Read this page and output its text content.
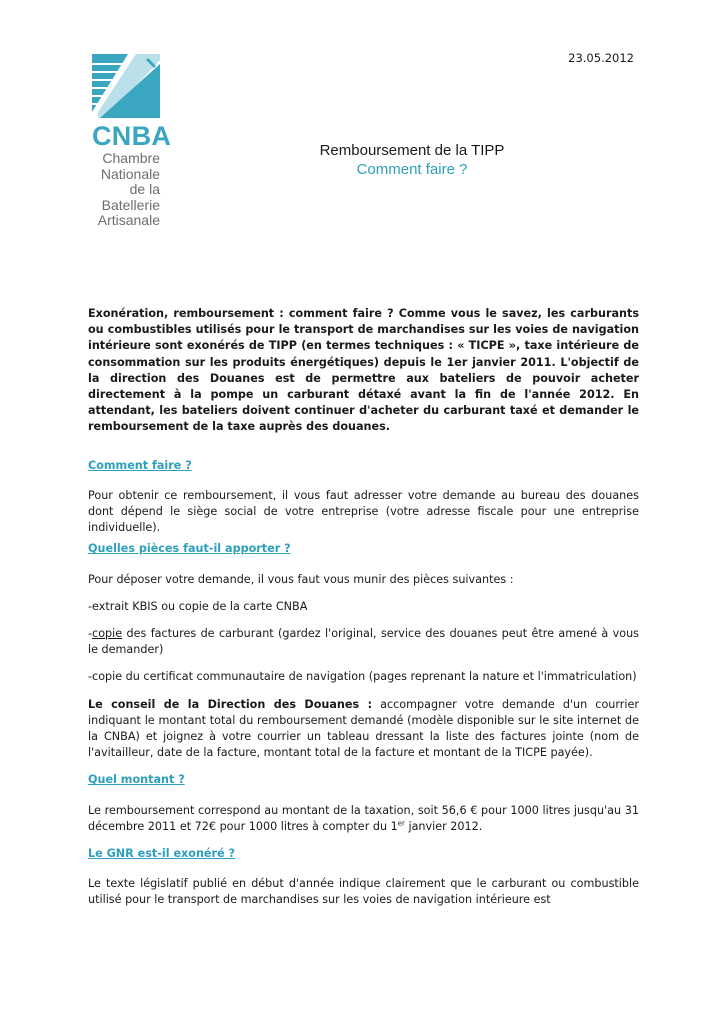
23.05.2012
CNBA
Chambre
Nationale
de la
Batellerie
Artisanale
Remboursement de la TIPP
Comment faire ?

Exonération, remboursement : comment faire ? Comme vous le savez, les carburants ou combustibles utilisés pour le transport de marchandises sur les voies de navigation intérieure sont exonérés de TIPP (en termes techniques : « TICPE », taxe intérieure de consommation sur les produits énergétiques) depuis le 1er janvier 2011. L'objectif de la direction des Douanes est de permettre aux bateliers de pouvoir acheter directement à la pompe un carburant détaxé avant la fin de l'année 2012. En attendant, les bateliers doivent continuer d'acheter du carburant taxé et demander le remboursement de la taxe auprès des douanes.

Comment faire ?

Pour obtenir ce remboursement, il vous faut adresser votre demande au bureau des douanes dont dépend le siège social de votre entreprise (votre adresse fiscale pour une entreprise individuelle).

Quelles pièces faut-il apporter ?

Pour déposer votre demande, il vous faut vous munir des pièces suivantes :

-extrait KBIS ou copie de la carte CNBA

-copie des factures de carburant (gardez l'original, service des douanes peut être amené à vous le demander)

-copie du certificat communautaire de navigation (pages reprenant la nature et l'immatriculation)

Le conseil de la Direction des Douanes : accompagner votre demande d'un courrier indiquant le montant total du remboursement demandé (modèle disponible sur le site internet de la CNBA) et joignez à votre courrier un tableau dressant la liste des factures jointe (nom de l'avitailleur, date de la facture, montant total de la facture et montant de la TICPE payée).

Quel montant ?

Le remboursement correspond au montant de la taxation, soit 56,6 € pour 1000 litres jusqu'au 31 décembre 2011 et 72€ pour 1000 litres à compter du 1er janvier 2012.

Le GNR est-il exonéré ?

Le texte législatif publié en début d'année indique clairement que le carburant ou combustible utilisé pour le transport de marchandises sur les voies de navigation intérieure est
